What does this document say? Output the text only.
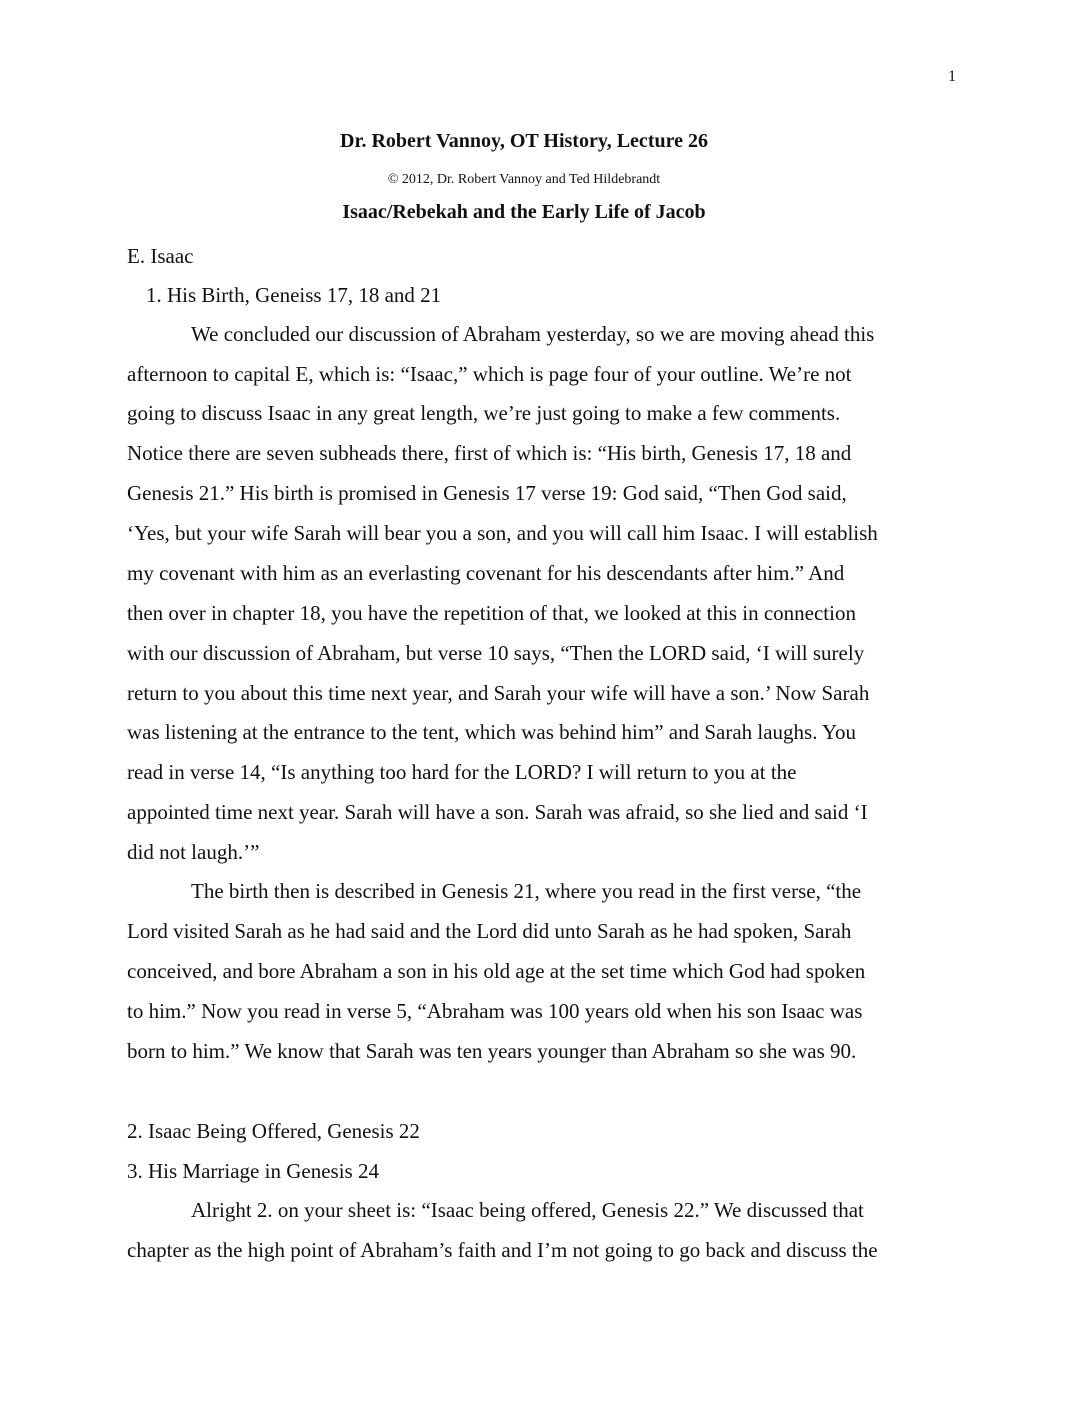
1
Dr. Robert Vannoy, OT History, Lecture 26
© 2012, Dr. Robert Vannoy and Ted Hildebrandt
Isaac/Rebekah and the Early Life of Jacob
E. Isaac
1. His Birth, Geneiss 17, 18 and 21
We concluded our discussion of Abraham yesterday, so we are moving ahead this
afternoon to capital E, which is: “Isaac,” which is page four of your outline. We’re not
going to discuss Isaac in any great length, we’re just going to make a few comments.
Notice there are seven subheads there, first of which is: “His birth, Genesis 17, 18 and
Genesis 21.” His birth is promised in Genesis 17 verse 19: God said, “Then God said,
‘Yes, but your wife Sarah will bear you a son, and you will call him Isaac. I will establish
my covenant with him as an everlasting covenant for his descendants after him.” And
then over in chapter 18, you have the repetition of that, we looked at this in connection
with our discussion of Abraham, but verse 10 says, “Then the LORD said, ‘I will surely
return to you about this time next year, and Sarah your wife will have a son.’ Now Sarah
was listening at the entrance to the tent, which was behind him” and Sarah laughs. You
read in verse 14, “Is anything too hard for the LORD? I will return to you at the
appointed time next year. Sarah will have a son. Sarah was afraid, so she lied and said ‘I
did not laugh.’”
The birth then is described in Genesis 21, where you read in the first verse, “the
Lord visited Sarah as he had said and the Lord did unto Sarah as he had spoken, Sarah
conceived, and bore Abraham a son in his old age at the set time which God had spoken
to him.” Now you read in verse 5, “Abraham was 100 years old when his son Isaac was
born to him.” We know that Sarah was ten years younger than Abraham so she was 90.
2. Isaac Being Offered, Genesis 22
3. His Marriage in Genesis 24
Alright 2. on your sheet is: “Isaac being offered, Genesis 22.” We discussed that
chapter as the high point of Abraham’s faith and I’m not going to go back and discuss the
